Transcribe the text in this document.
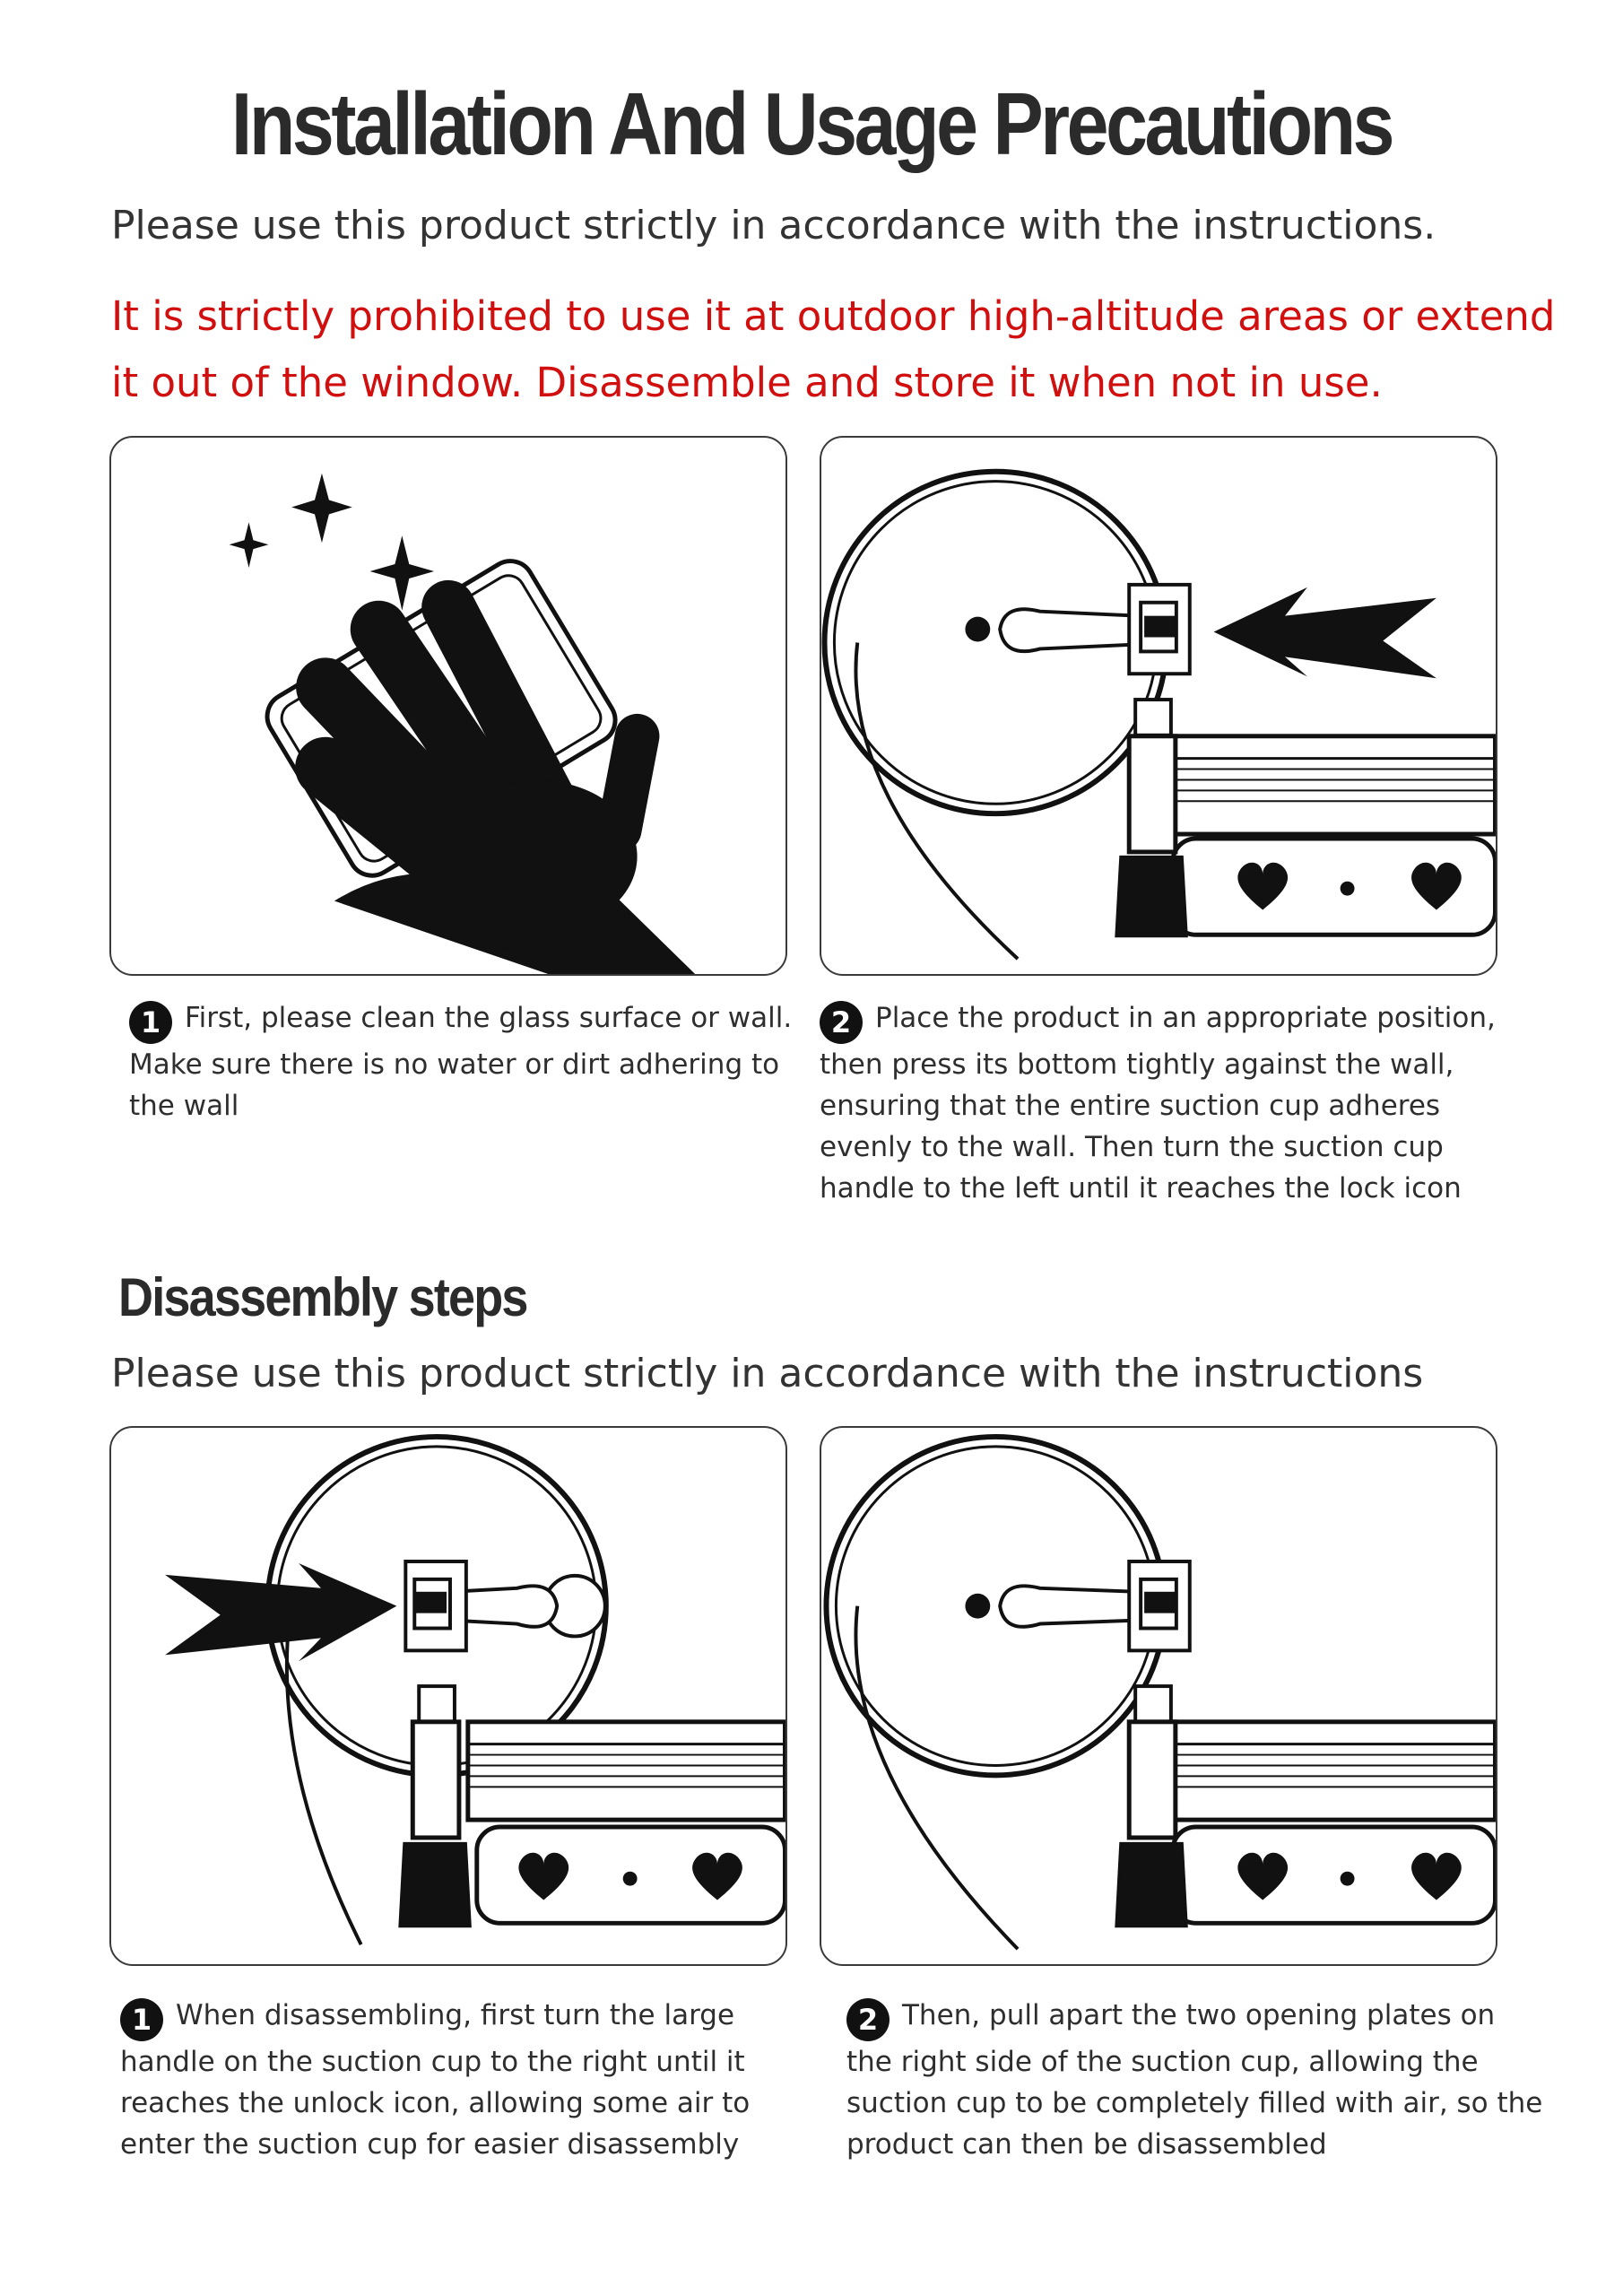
Installation And Usage Precautions
Please use this product strictly in accordance with the instructions.
It is strictly prohibited to use it at outdoor high-altitude areas or extend it out of the window. Disassemble and store it when not in use.
1 First, please clean the glass surface or wall. Make sure there is no water or dirt adhering to the wall
2 Place the product in an appropriate position, then press its bottom tightly against the wall, ensuring that the entire suction cup adheres evenly to the wall. Then turn the suction cup handle to the left until it reaches the lock icon
Disassembly steps
Please use this product strictly in accordance with the instructions
1 When disassembling, first turn the large handle on the suction cup to the right until it reaches the unlock icon, allowing some air to enter the suction cup for easier disassembly
2 Then, pull apart the two opening plates on the right side of the suction cup, allowing the suction cup to be completely filled with air, so the product can then be disassembled
